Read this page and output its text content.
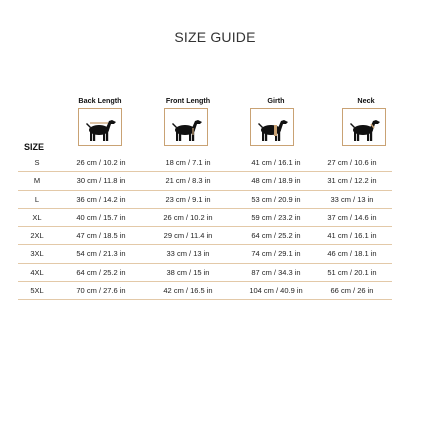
SIZE GUIDE
Back Length	Front Length	Girth	Neck
SIZE
S	26 cm / 10.2 in	18 cm / 7.1 in	41 cm / 16.1 in	27 cm / 10.6 in
M	30 cm / 11.8 in	21 cm / 8.3 in	48 cm / 18.9 in	31 cm / 12.2 in
L	36 cm / 14.2 in	23 cm / 9.1 in	53 cm / 20.9 in	33 cm / 13 in
XL	40 cm / 15.7 in	26 cm / 10.2 in	59 cm / 23.2 in	37 cm / 14.6 in
2XL	47 cm / 18.5 in	29 cm / 11.4 in	64 cm / 25.2 in	41 cm / 16.1 in
3XL	54 cm / 21.3 in	33 cm / 13 in	74 cm / 29.1 in	46 cm / 18.1 in
4XL	64 cm / 25.2 in	38 cm / 15 in	87 cm / 34.3 in	51 cm / 20.1 in
5XL	70 cm / 27.6 in	42 cm / 16.5 in	104 cm / 40.9 in	66 cm / 26 in
